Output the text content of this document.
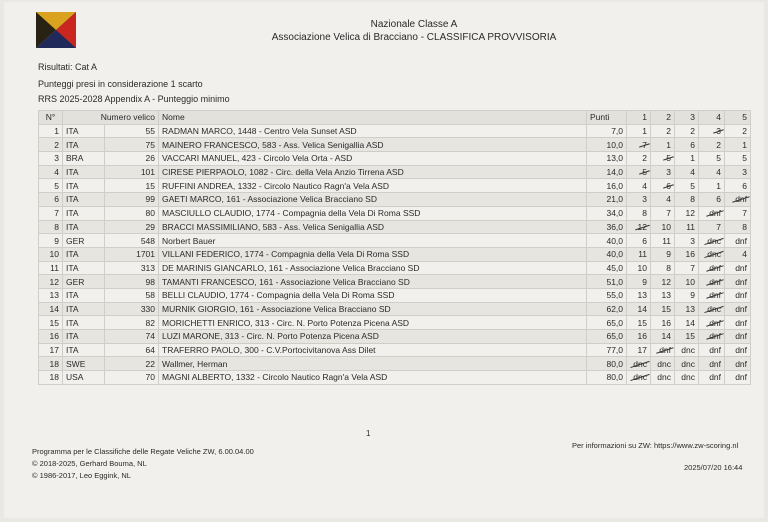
Nazionale Classe A
Associazione Velica di Bracciano - CLASSIFICA PROVVISORIA
Risultati: Cat A
Punteggi presi in considerazione 1 scarto
RRS 2025-2028 Appendix A - Punteggio minimo
N°	Numero velico		Nome	Punti	1	2	3	4	5
1	ITA	55	RADMAN MARCO, 1448 - Centro Vela Sunset ASD	7,0	1	2	2	3	2
2	ITA	75	MAINERO FRANCESCO, 583 - Ass. Velica Senigallia ASD	10,0	7	1	6	2	1
3	BRA	26	VACCARI MANUEL, 423 - Circolo Vela Orta - ASD	13,0	2	5	1	5	5
4	ITA	101	CIRESE PIERPAOLO, 1082 - Circ. della Vela Anzio Tirrena ASD	14,0	5	3	4	4	3
5	ITA	15	RUFFINI ANDREA, 1332 - Circolo Nautico Ragn'a Vela ASD	16,0	4	6	5	1	6
6	ITA	99	GAETI MARCO, 161 - Associazione Velica Bracciano SD	21,0	3	4	8	6	dnf
7	ITA	80	MASCIULLO CLAUDIO, 1774 - Compagnia della Vela Di Roma SSD	34,0	8	7	12	dnf	7
8	ITA	29	BRACCI MASSIMILIANO, 583 - Ass. Velica Senigallia ASD	36,0	12	10	11	7	8
9	GER	548	Norbert Bauer	40,0	6	11	3	dnc	dnf
10	ITA	1701	VILLANI FEDERICO, 1774 - Compagnia della Vela Di Roma SSD	40,0	11	9	16	dnc	4
11	ITA	313	DE MARINIS GIANCARLO, 161 - Associazione Velica Bracciano SD	45,0	10	8	7	dnf	dnf
12	GER	98	TAMANTI FRANCESCO, 161 - Associazione Velica Bracciano SD	51,0	9	12	10	dnf	dnf
13	ITA	58	BELLI CLAUDIO, 1774 - Compagnia della Vela Di Roma SSD	55,0	13	13	9	dnf	dnf
14	ITA	330	MURNIK GIORGIO, 161 - Associazione Velica Bracciano SD	62,0	14	15	13	dnc	dnf
15	ITA	82	MORICHETTI ENRICO, 313 - Circ. N. Porto Potenza Picena ASD	65,0	15	16	14	dnf	dnf
16	ITA	74	LUZI MARONE, 313 - Circ. N. Porto Potenza Picena ASD	65,0	16	14	15	dnf	dnf
17	ITA	64	TRAFERRO PAOLO, 300 - C.V.Portocivitanova Ass Dilet	77,0	17	dnf	dnc	dnf	dnf
18	SWE	22	Wallmer, Herman	80,0	dnc	dnc	dnc	dnf	dnf
18	USA	70	MAGNI ALBERTO, 1332 - Circolo Nautico Ragn'a Vela ASD	80,0	dnc	dnc	dnc	dnf	dnf
1
Programma per le Classifiche delle Regate Veliche ZW, 6.00.04.00
© 2018-2025, Gerhard Bouma, NL
© 1986-2017, Leo Eggink, NL
Per informazioni su ZW: https://www.zw-scoring.nl
2025/07/20 16:44
